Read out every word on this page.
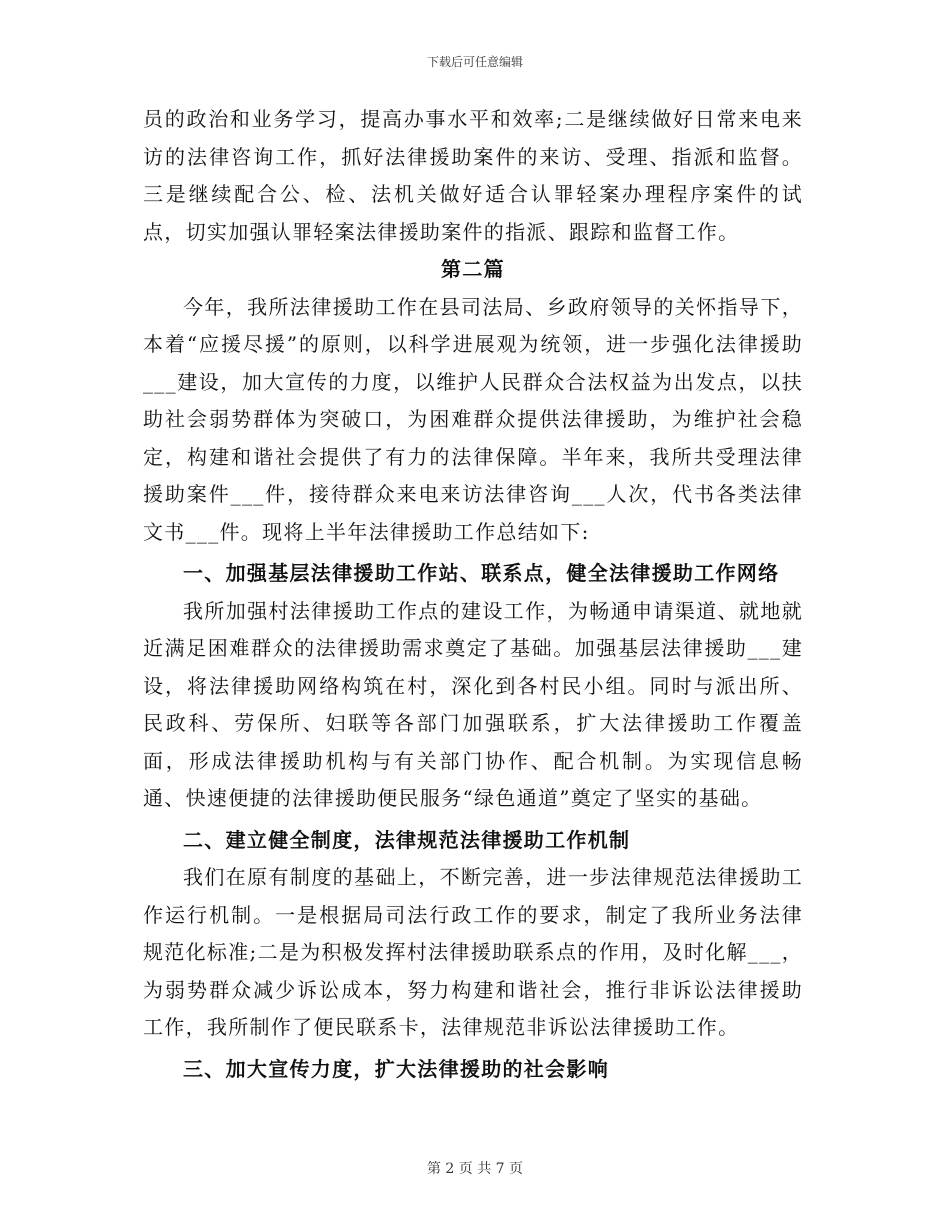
下载后可任意编辑

员的政治和业务学习，提高办事水平和效率;二是继续做好日常来电来访的法律咨询工作，抓好法律援助案件的来访、受理、指派和监督。三是继续配合公、检、法机关做好适合认罪轻案办理程序案件的试点，切实加强认罪轻案法律援助案件的指派、跟踪和监督工作。

第二篇

今年，我所法律援助工作在县司法局、乡政府领导的关怀指导下，本着“应援尽援”的原则，以科学进展观为统领，进一步强化法律援助___建设，加大宣传的力度，以维护人民群众合法权益为出发点，以扶助社会弱势群体为突破口，为困难群众提供法律援助，为维护社会稳定，构建和谐社会提供了有力的法律保障。半年来，我所共受理法律援助案件___件，接待群众来电来访法律咨询___人次，代书各类法律文书___件。现将上半年法律援助工作总结如下:

一、加强基层法律援助工作站、联系点，健全法律援助工作网络

我所加强村法律援助工作点的建设工作，为畅通申请渠道、就地就近满足困难群众的法律援助需求奠定了基础。加强基层法律援助___建设，将法律援助网络构筑在村，深化到各村民小组。同时与派出所、民政科、劳保所、妇联等各部门加强联系，扩大法律援助工作覆盖面，形成法律援助机构与有关部门协作、配合机制。为实现信息畅通、快速便捷的法律援助便民服务“绿色通道”奠定了坚实的基础。

二、建立健全制度，法律规范法律援助工作机制

我们在原有制度的基础上，不断完善，进一步法律规范法律援助工作运行机制。一是根据局司法行政工作的要求，制定了我所业务法律规范化标准;二是为积极发挥村法律援助联系点的作用，及时化解___，为弱势群众减少诉讼成本，努力构建和谐社会，推行非诉讼法律援助工作，我所制作了便民联系卡，法律规范非诉讼法律援助工作。

三、加大宣传力度，扩大法律援助的社会影响

第 2 页 共 7 页
